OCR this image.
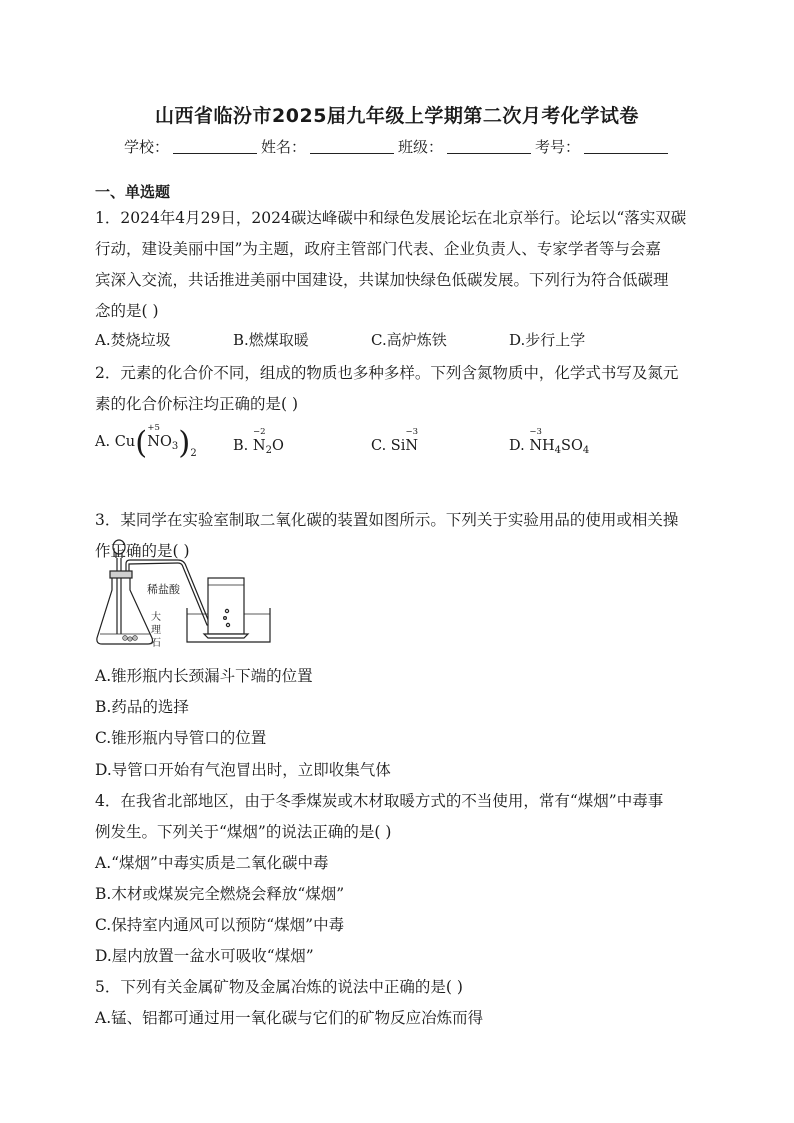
山西省临汾市2025届九年级上学期第二次月考化学试卷
学校：	姓名：	班级：	考号：
一、单选题
1．2024年4月29日，2024碳达峰碳中和绿色发展论坛在北京举行。论坛以“落实双碳
行动，建设美丽中国”为主题，政府主管部门代表、企业负责人、专家学者等与会嘉
宾深入交流，共话推进美丽中国建设，共谋加快绿色低碳发展。下列行为符合低碳理
念的是( )
A.焚烧垃圾	B.燃煤取暖	C.高炉炼铁	D.步行上学
2．元素的化合价不同，组成的物质也多种多样。下列含氮物质中，化学式书写及氮元
素的化合价标注均正确的是( )
A. Cu( +5
$NO_3)_2$	B.
−2
$N_2O$	C. Si
−3
N	D.
−3
$NH_4SO_4$
3．某同学在实验室制取二氧化碳的装置如图所示。下列关于实验用品的使用或相关操
作正确的是( )
稀盐酸
大
理
石
A.锥形瓶内长颈漏斗下端的位置
B.药品的选择
C.锥形瓶内导管口的位置
D.导管口开始有气泡冒出时，立即收集气体
4．在我省北部地区，由于冬季煤炭或木材取暖方式的不当使用，常有“煤烟”中毒事
例发生。下列关于“煤烟”的说法正确的是( )
A.“煤烟”中毒实质是二氧化碳中毒
B.木材或煤炭完全燃烧会释放“煤烟”
C.保持室内通风可以预防“煤烟”中毒
D.屋内放置一盆水可吸收“煤烟”
5．下列有关金属矿物及金属冶炼的说法中正确的是( )
A.锰、铝都可通过用一氧化碳与它们的矿物反应冶炼而得
